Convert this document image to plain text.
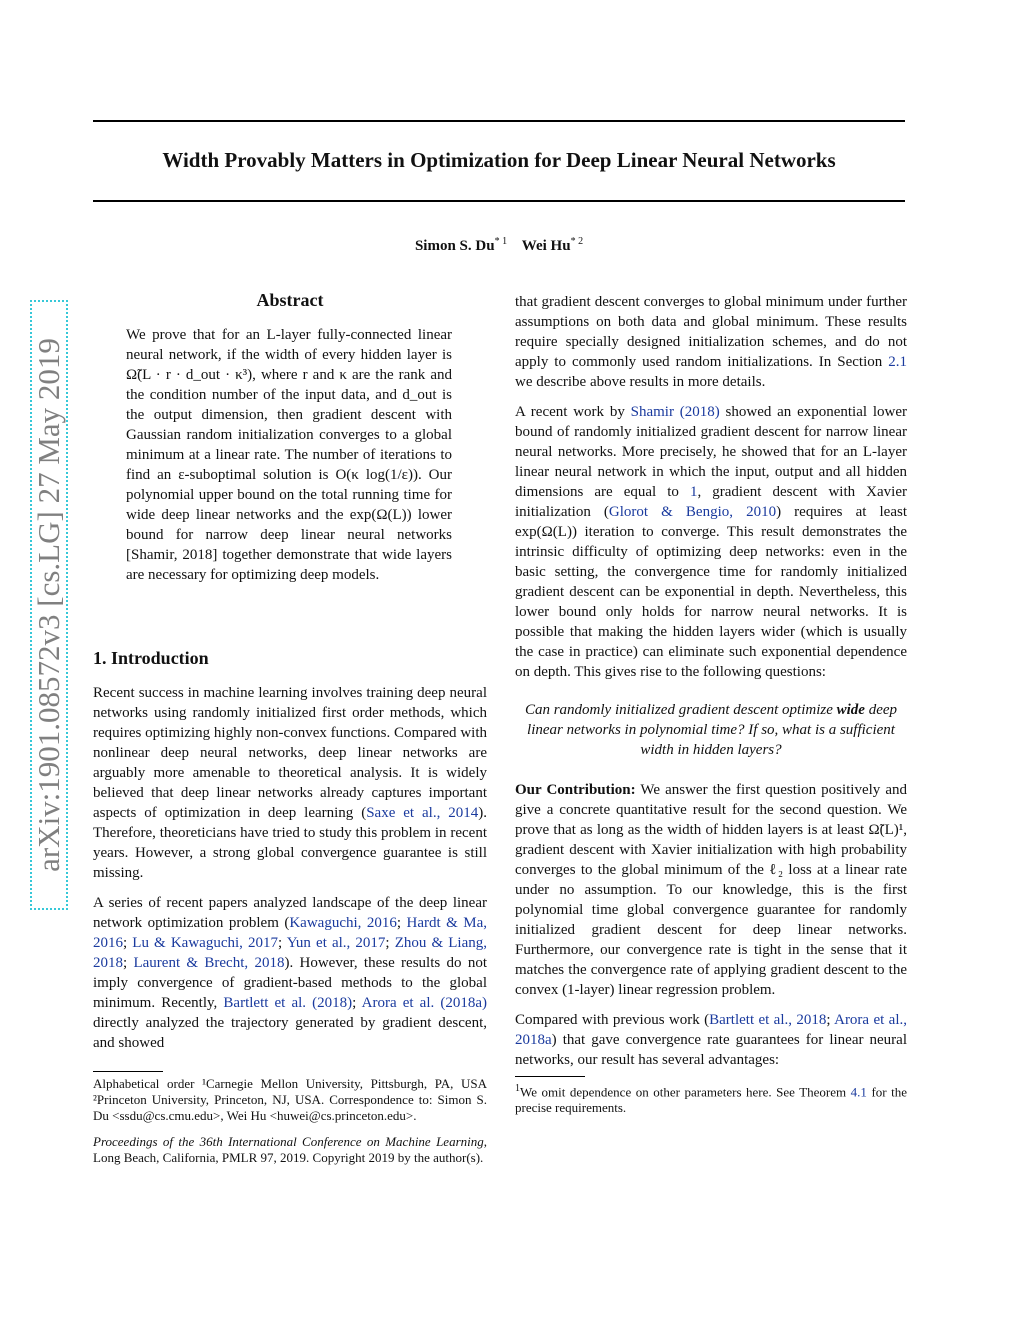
Width Provably Matters in Optimization for Deep Linear Neural Networks
Simon S. Du$^{* 1}$ Wei Hu$^{* 2}$
arXiv:1901.08572v3 [cs.LG] 27 May 2019
Abstract
We prove that for an L-layer fully-connected linear neural network, if the width of every hidden layer is Ω̃(L · r · d_out · κ³), where r and κ are the rank and the condition number of the input data, and d_out is the output dimension, then gradient descent with Gaussian random initialization converges to a global minimum at a linear rate. The number of iterations to find an ε-suboptimal solution is O(κ log(1/ε)). Our polynomial upper bound on the total running time for wide deep linear networks and the exp(Ω(L)) lower bound for narrow deep linear neural networks [Shamir, 2018] together demonstrate that wide layers are necessary for optimizing deep models.
1. Introduction

Recent success in machine learning involves training deep neural networks using randomly initialized first order methods, which requires optimizing highly non-convex functions. Compared with nonlinear deep neural networks, deep linear networks are arguably more amenable to theoretical analysis. It is widely believed that deep linear networks already captures important aspects of optimization in deep learning (Saxe et al., 2014). Therefore, theoreticians have tried to study this problem in recent years. However, a strong global convergence guarantee is still missing.

A series of recent papers analyzed landscape of the deep linear network optimization problem (Kawaguchi, 2016; Hardt & Ma, 2016; Lu & Kawaguchi, 2017; Yun et al., 2017; Zhou & Liang, 2018; Laurent & Brecht, 2018). However, these results do not imply convergence of gradient-based methods to the global minimum. Recently, Bartlett et al. (2018); Arora et al. (2018a) directly analyzed the trajectory generated by gradient descent, and showed

Alphabetical order ¹Carnegie Mellon University, Pittsburgh, PA, USA ²Princeton University, Princeton, NJ, USA. Correspondence to: Simon S. Du <ssdu@cs.cmu.edu>, Wei Hu <huwei@cs.princeton.edu>.

Proceedings of the 36th International Conference on Machine Learning, Long Beach, California, PMLR 97, 2019. Copyright 2019 by the author(s).

that gradient descent converges to global minimum under further assumptions on both data and global minimum. These results require specially designed initialization schemes, and do not apply to commonly used random initializations. In Section 2.1 we describe above results in more details.

A recent work by Shamir (2018) showed an exponential lower bound of randomly initialized gradient descent for narrow linear neural networks. More precisely, he showed that for an L-layer linear neural network in which the input, output and all hidden dimensions are equal to 1, gradient descent with Xavier initialization (Glorot & Bengio, 2010) requires at least exp(Ω(L)) iteration to converge. This result demonstrates the intrinsic difficulty of optimizing deep networks: even in the basic setting, the convergence time for randomly initialized gradient descent can be exponential in depth. Nevertheless, this lower bound only holds for narrow neural networks. It is possible that making the hidden layers wider (which is usually the case in practice) can eliminate such exponential dependence on depth. This gives rise to the following questions:

Can randomly initialized gradient descent optimize wide deep linear networks in polynomial time? If so, what is a sufficient width in hidden layers?

Our Contribution: We answer the first question positively and give a concrete quantitative result for the second question. We prove that as long as the width of hidden layers is at least Ω̃(L)¹, gradient descent with Xavier initialization with high probability converges to the global minimum of the ℓ₂ loss at a linear rate under no assumption. To our knowledge, this is the first polynomial time global convergence guarantee for randomly initialized gradient descent for deep linear networks. Furthermore, our convergence rate is tight in the sense that it matches the convergence rate of applying gradient descent to the convex (1-layer) linear regression problem.

Compared with previous work (Bartlett et al., 2018; Arora et al., 2018a) that gave convergence rate guarantees for linear neural networks, our result has several advantages:

$^1$We omit dependence on other parameters here. See Theorem 4.1 for the precise requirements.
